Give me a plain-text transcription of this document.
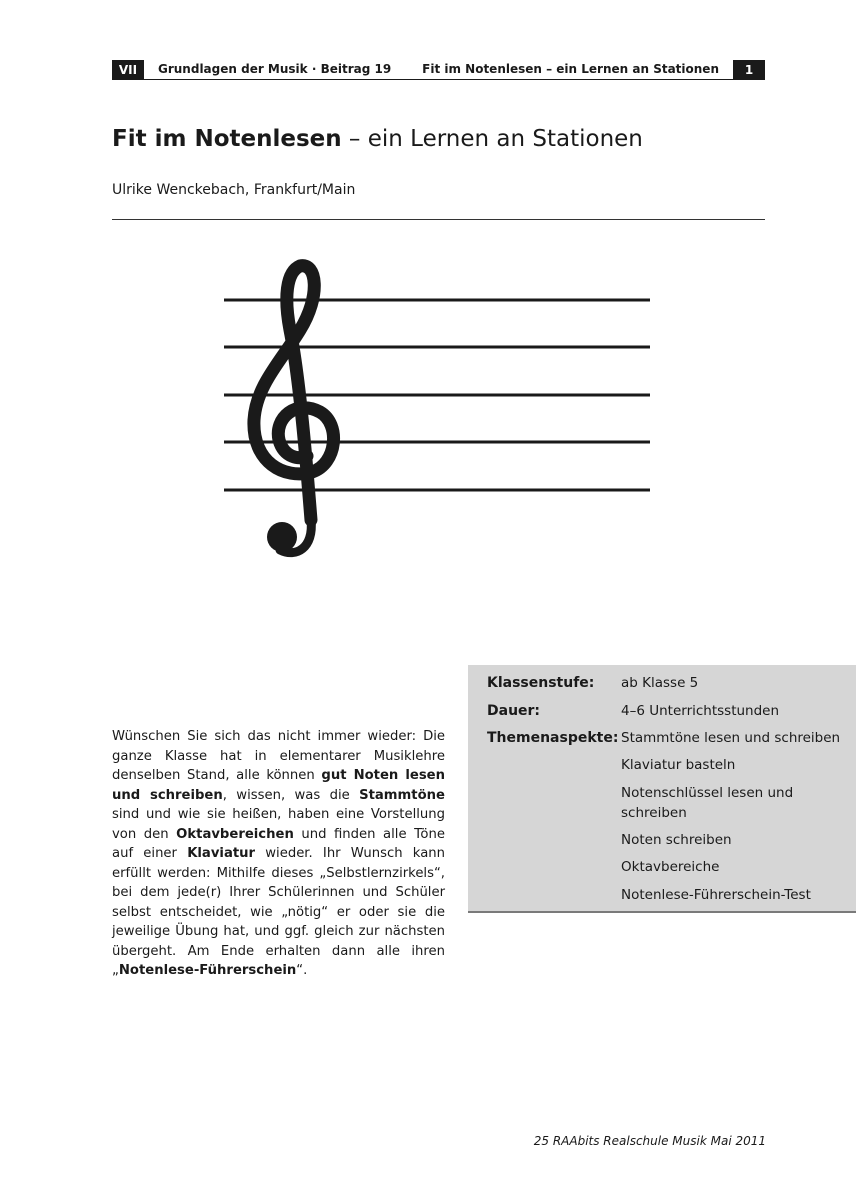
VII	Grundlagen der Musik · Beitrag 19	Fit im Notenlesen – ein Lernen an Stationen	1
Fit im Notenlesen – ein Lernen an Stationen
Ulrike Wenckebach, Frankfurt/Main
Wünschen Sie sich das nicht immer wieder: Die ganze Klasse hat in elementarer Musiklehre denselben Stand, alle können gut Noten lesen und schreiben, wissen, was die Stammtöne sind und wie sie heißen, haben eine Vorstellung von den Oktavbereichen und finden alle Töne auf einer Klaviatur wieder. Ihr Wunsch kann erfüllt werden: Mithilfe dieses „Selbstlernzirkels“, bei dem jede(r) Ihrer Schülerinnen und Schüler selbst entscheidet, wie „nötig“ er oder sie die jeweilige Übung hat, und ggf. gleich zur nächsten übergeht. Am Ende erhalten dann alle ihren „Notenlese-Führerschein“.
Klassenstufe: ab Klasse 5
Dauer:	4–6 Unterrichtsstunden
Themenaspekte: Stammtöne lesen und schreiben
Klaviatur basteln
Notenschlüssel lesen und
schreiben
Noten schreiben
Oktavbereiche
Notenlese-Führerschein-Test
25 RAAbits Realschule Musik Mai 2011
